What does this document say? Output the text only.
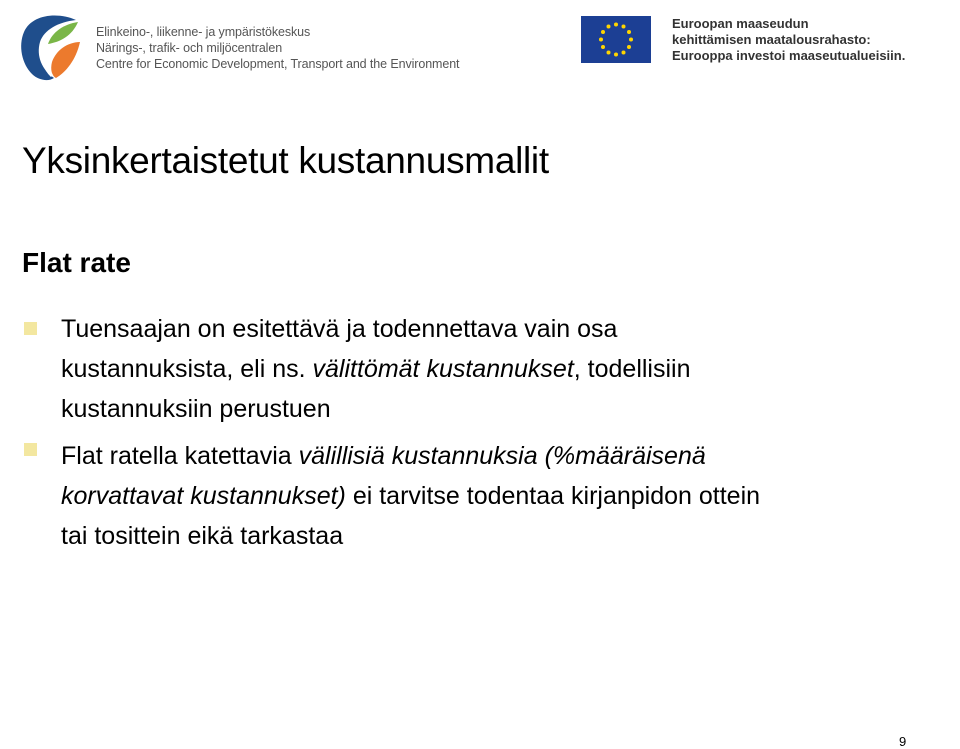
Elinkeino-, liikenne- ja ympäristökeskus
Närings-, trafik- och miljöcentralen
Centre for Economic Development, Transport and the Environment
Euroopan maaseudun
kehittämisen maatalousrahasto:
Eurooppa investoi maaseutualueisiin.
Yksinkertaistetut kustannusmallit
Flat rate
Tuensaajan on esitettävä ja todennettava vain osa
kustannuksista, eli ns. välittömät kustannukset, todellisiin
kustannuksiin perustuen
Flat ratella katettavia välillisiä kustannuksia (%määräisenä
korvattavat kustannukset) ei tarvitse todentaa kirjanpidon ottein
tai tosittein eikä tarkastaa
9
